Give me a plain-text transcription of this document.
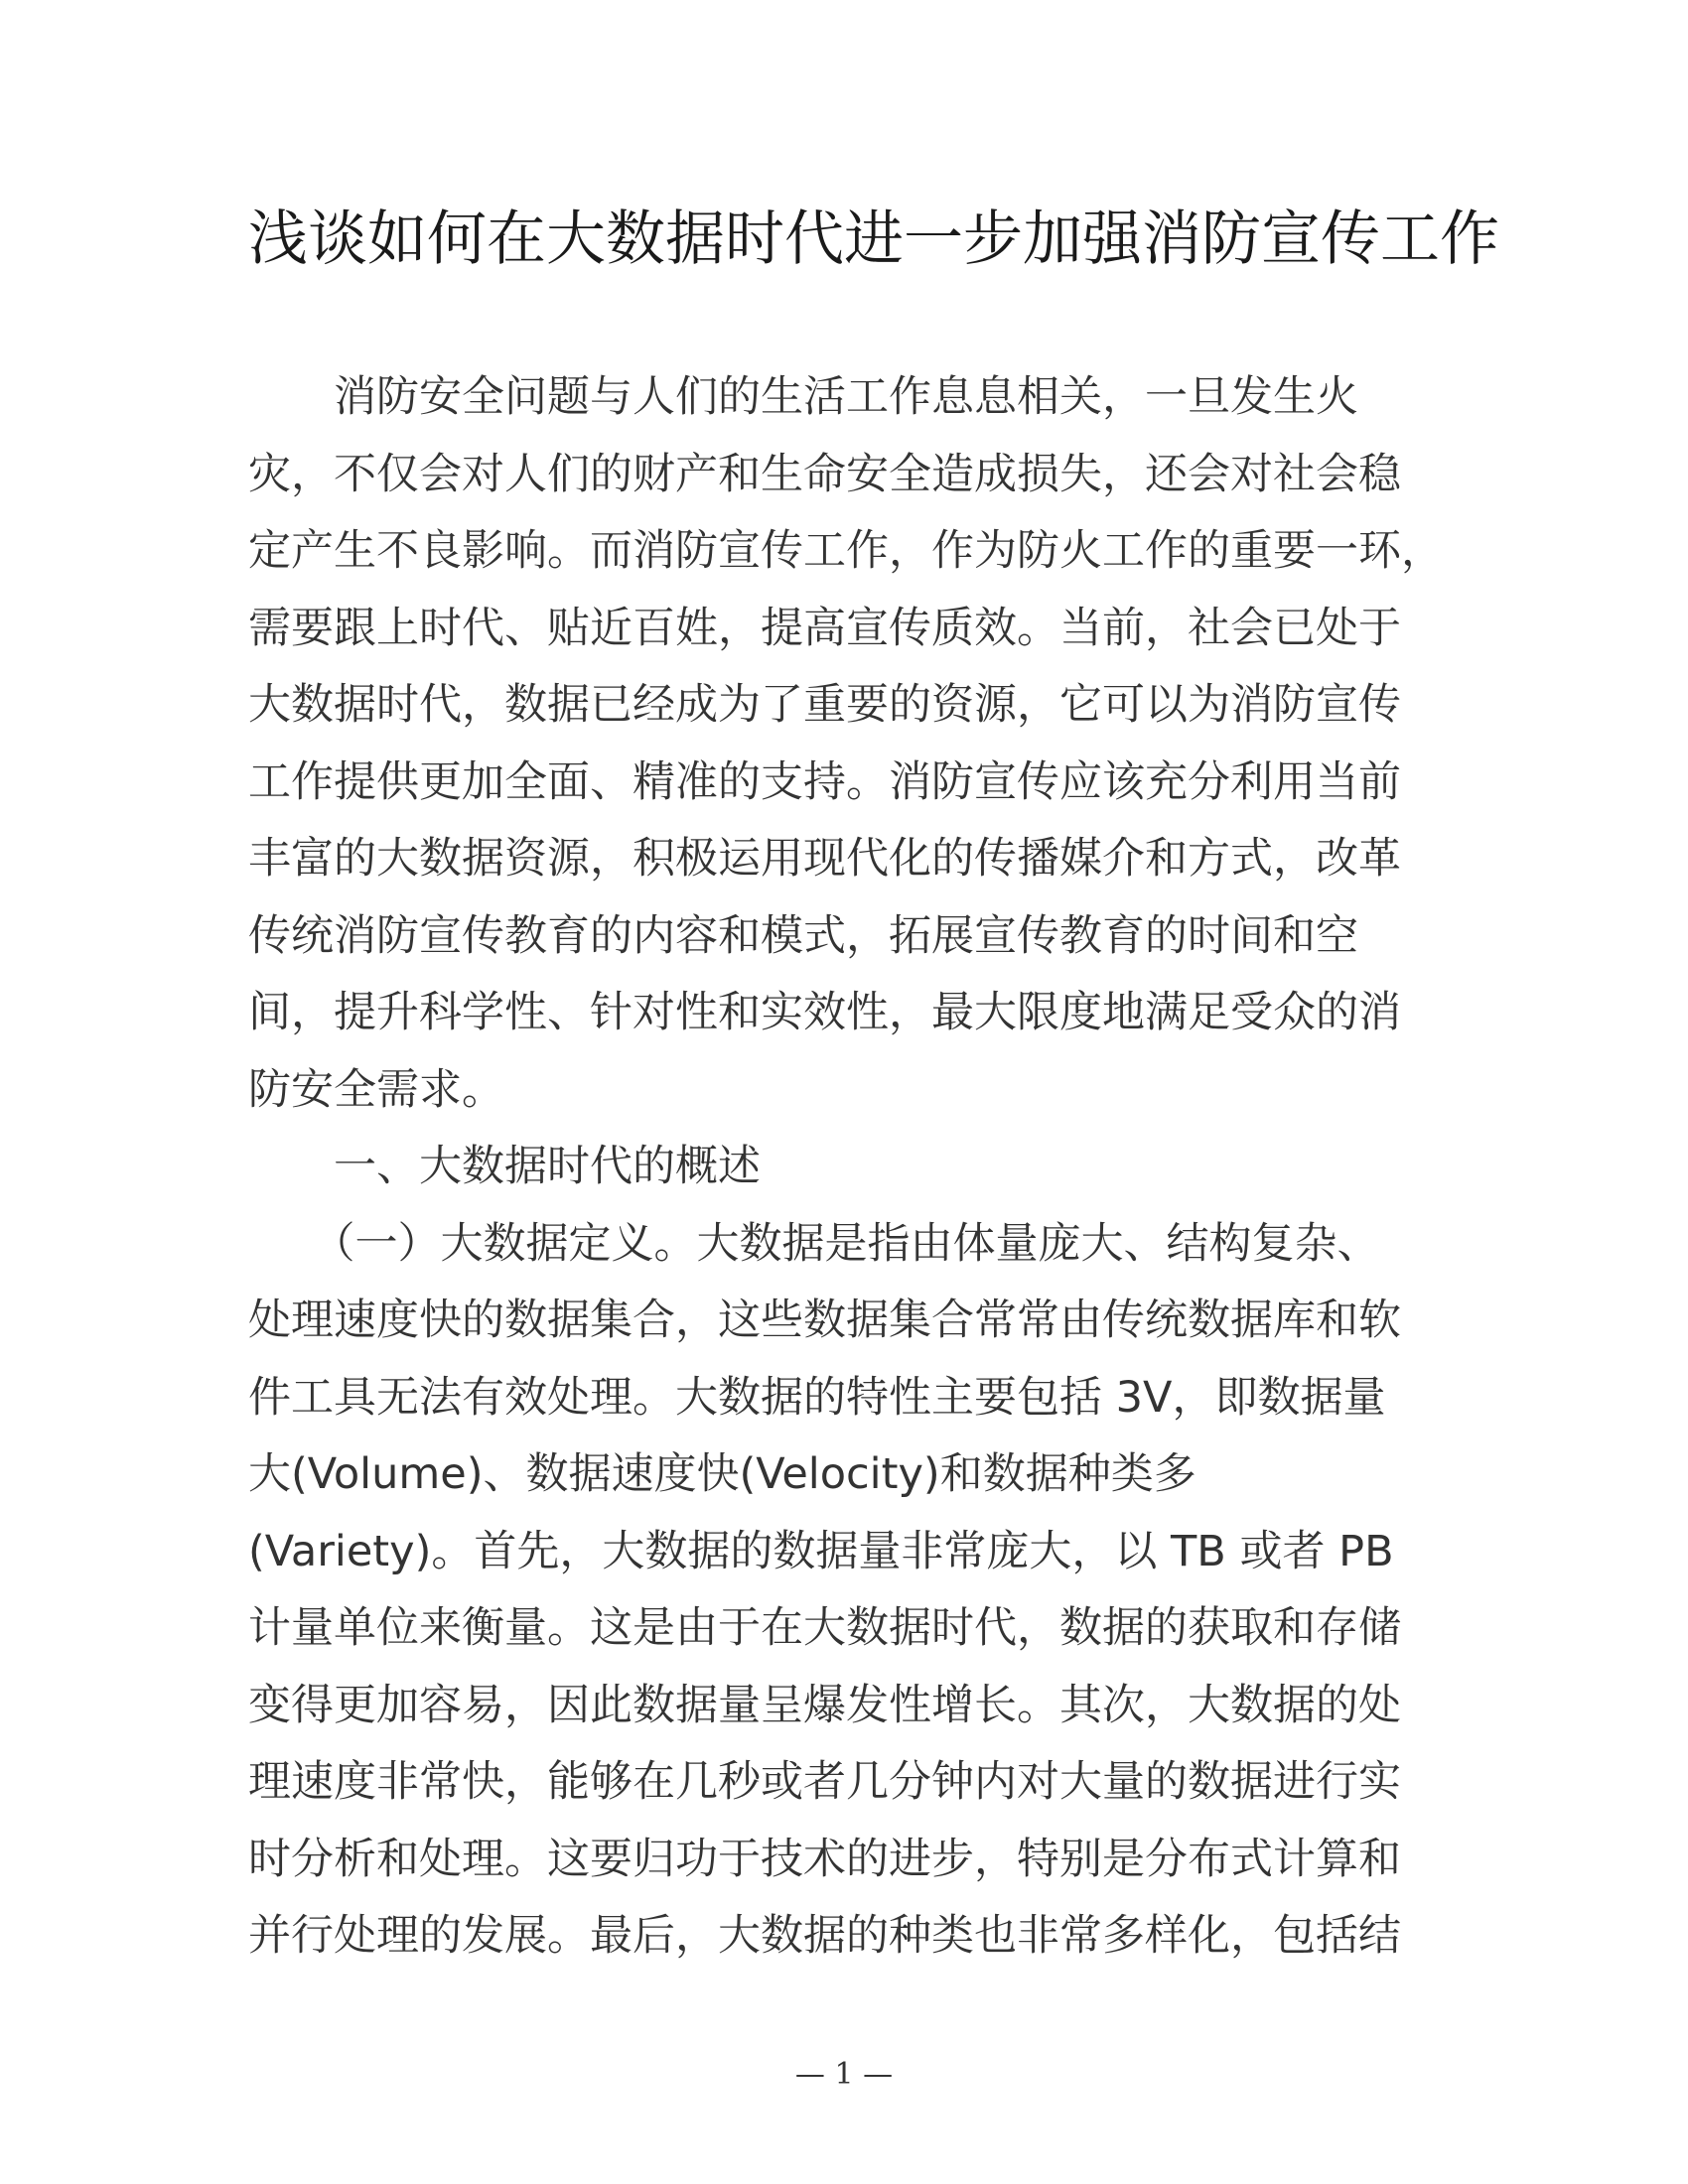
浅谈如何在大数据时代进一步加强消防宣传工作
　　消防安全问题与人们的生活工作息息相关，一旦发生火
灾，不仅会对人们的财产和生命安全造成损失，还会对社会稳
定产生不良影响。而消防宣传工作，作为防火工作的重要一环，
需要跟上时代、贴近百姓，提高宣传质效。当前，社会已处于
大数据时代，数据已经成为了重要的资源，它可以为消防宣传
工作提供更加全面、精准的支持。消防宣传应该充分利用当前
丰富的大数据资源，积极运用现代化的传播媒介和方式，改革
传统消防宣传教育的内容和模式，拓展宣传教育的时间和空
间，提升科学性、针对性和实效性，最大限度地满足受众的消
防安全需求。
　　一、大数据时代的概述
　　（一）大数据定义。大数据是指由体量庞大、结构复杂、
处理速度快的数据集合，这些数据集合常常由传统数据库和软
件工具无法有效处理。大数据的特性主要包括 3V，即数据量
大(Volume)、数据速度快(Velocity)和数据种类多
(Variety)。首先，大数据的数据量非常庞大，以 TB 或者 PB
计量单位来衡量。这是由于在大数据时代，数据的获取和存储
变得更加容易，因此数据量呈爆发性增长。其次，大数据的处
理速度非常快，能够在几秒或者几分钟内对大量的数据进行实
时分析和处理。这要归功于技术的进步，特别是分布式计算和
并行处理的发展。最后，大数据的种类也非常多样化，包括结
— 1 —
